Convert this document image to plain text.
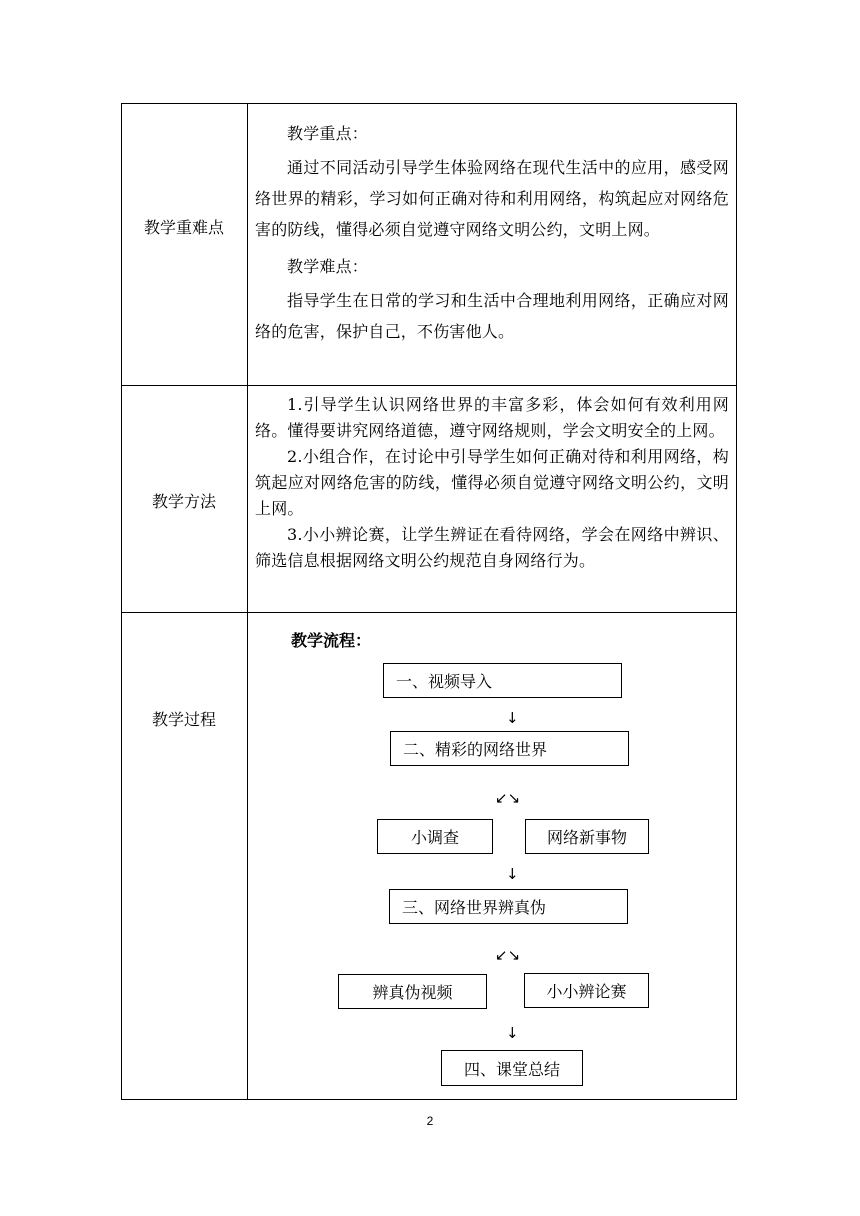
教学重难点

教学重点：

通过不同活动引导学生体验网络在现代生活中的应用，感受网络世界的精彩，学习如何正确对待和利用网络，构筑起应对网络危害的防线，懂得必须自觉遵守网络文明公约，文明上网。

教学难点：

指导学生在日常的学习和生活中合理地利用网络，正确应对网络的危害，保护自己，不伤害他人。

教学方法

1.引导学生认识网络世界的丰富多彩，体会如何有效利用网络。懂得要讲究网络道德，遵守网络规则，学会文明安全的上网。

2.小组合作，在讨论中引导学生如何正确对待和利用网络，构筑起应对网络危害的防线，懂得必须自觉遵守网络文明公约，文明上网。

3.小小辨论赛，让学生辨证在看待网络，学会在网络中辨识、筛选信息根据网络文明公约规范自身网络行为。

教学过程
教学流程：
一、视频导入
↓
二、精彩的网络世界
↙↘
小调查	网络新事物
↓
三、网络世界辨真伪
↙↘
辨真伪视频	小小辨论赛
↓
四、课堂总结
2
